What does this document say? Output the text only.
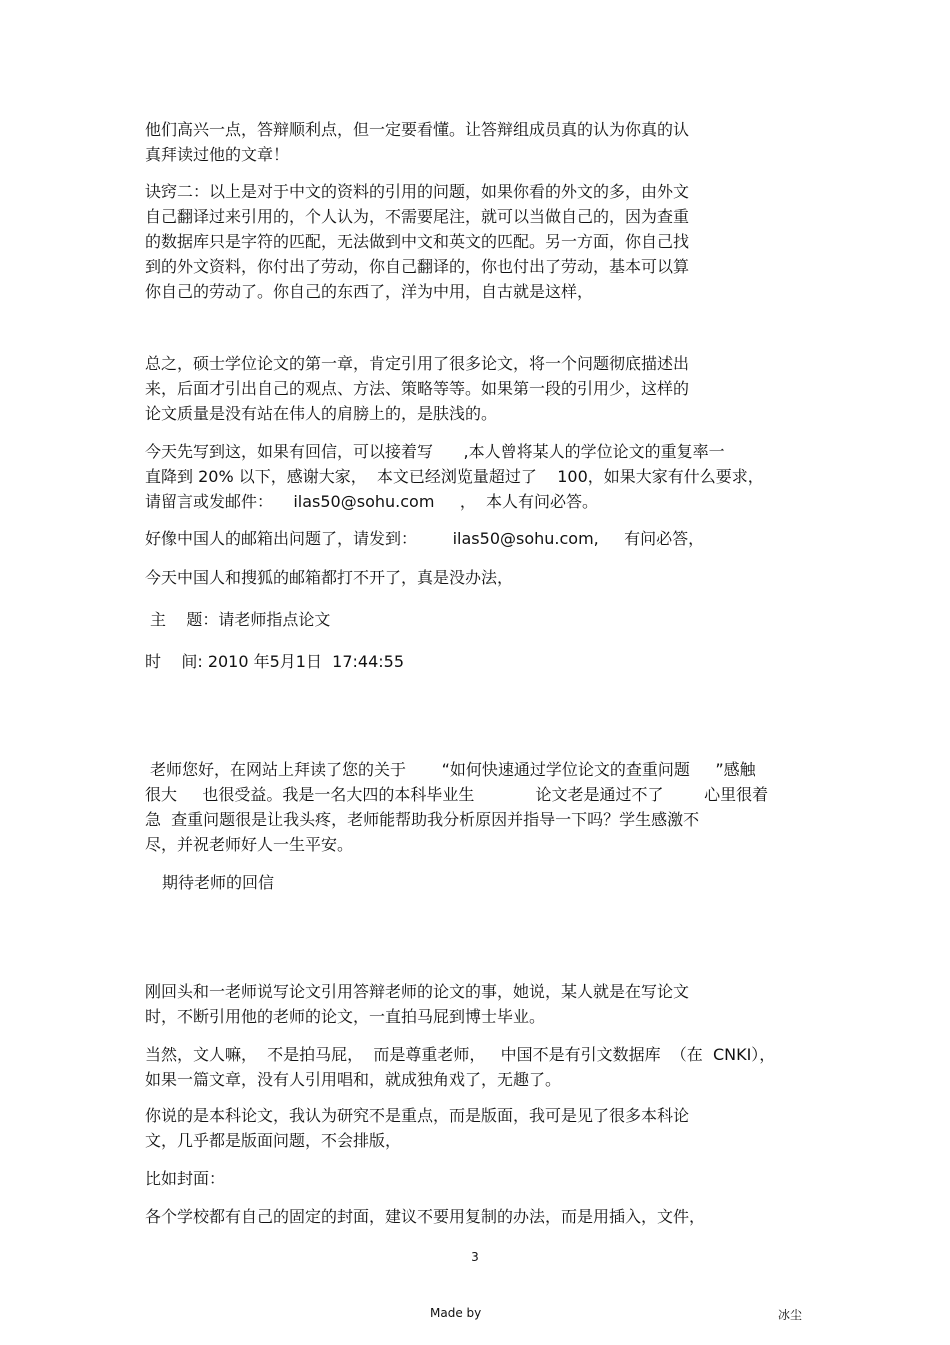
他们高兴一点，答辩顺利点，但一定要看懂。让答辩组成员真的认为你真的认
真拜读过他的文章！
诀窍二：以上是对于中文的资料的引用的问题，如果你看的外文的多，由外文
自己翻译过来引用的，个人认为，不需要尾注，就可以当做自己的，因为查重
的数据库只是字符的匹配，无法做到中文和英文的匹配。另一方面，你自己找
到的外文资料，你付出了劳动，你自己翻译的，你也付出了劳动，基本可以算
你自己的劳动了。你自己的东西了，洋为中用，自古就是这样，
总之，硕士学位论文的第一章，肯定引用了很多论文，将一个问题彻底描述出
来，后面才引出自己的观点、方法、策略等等。如果第一段的引用少，这样的
论文质量是没有站在伟人的肩膀上的，是肤浅的。
今天先写到这，如果有回信，可以接着写      ,本人曾将某人的学位论文的重复率一
直降到 20% 以下，感谢大家，  本文已经浏览量超过了    100，如果大家有什么要求，
请留言或发邮件：    ilas50@sohu.com     ，  本人有问必答。
好像中国人的邮箱出问题了，请发到：       ilas50@sohu.com,     有问必答，
今天中国人和搜狐的邮箱都打不开了，真是没办法，
主    题：请老师指点论文
时    间: 2010 年5月1日  17:44:55
老师您好，在网站上拜读了您的关于       “如何快速通过学位论文的查重问题     ”感触
很大     也很受益。我是一名大四的本科毕业生            论文老是通过不了        心里很着
急  查重问题很是让我头疼，老师能帮助我分析原因并指导一下吗？学生感激不
尽，并祝老师好人一生平安。
期待老师的回信
刚回头和一老师说写论文引用答辩老师的论文的事，她说，某人就是在写论文
时，不断引用他的老师的论文，一直拍马屁到博士毕业。
当然，文人嘛，  不是拍马屁，  而是尊重老师，   中国不是有引文数据库  （在  CNKI），
如果一篇文章，没有人引用唱和，就成独角戏了，无趣了。
你说的是本科论文，我认为研究不是重点，而是版面，我可是见了很多本科论
文，几乎都是版面问题，不会排版，
比如封面：
各个学校都有自己的固定的封面，建议不要用复制的办法，而是用插入，文件，
3
Made by	冰尘
